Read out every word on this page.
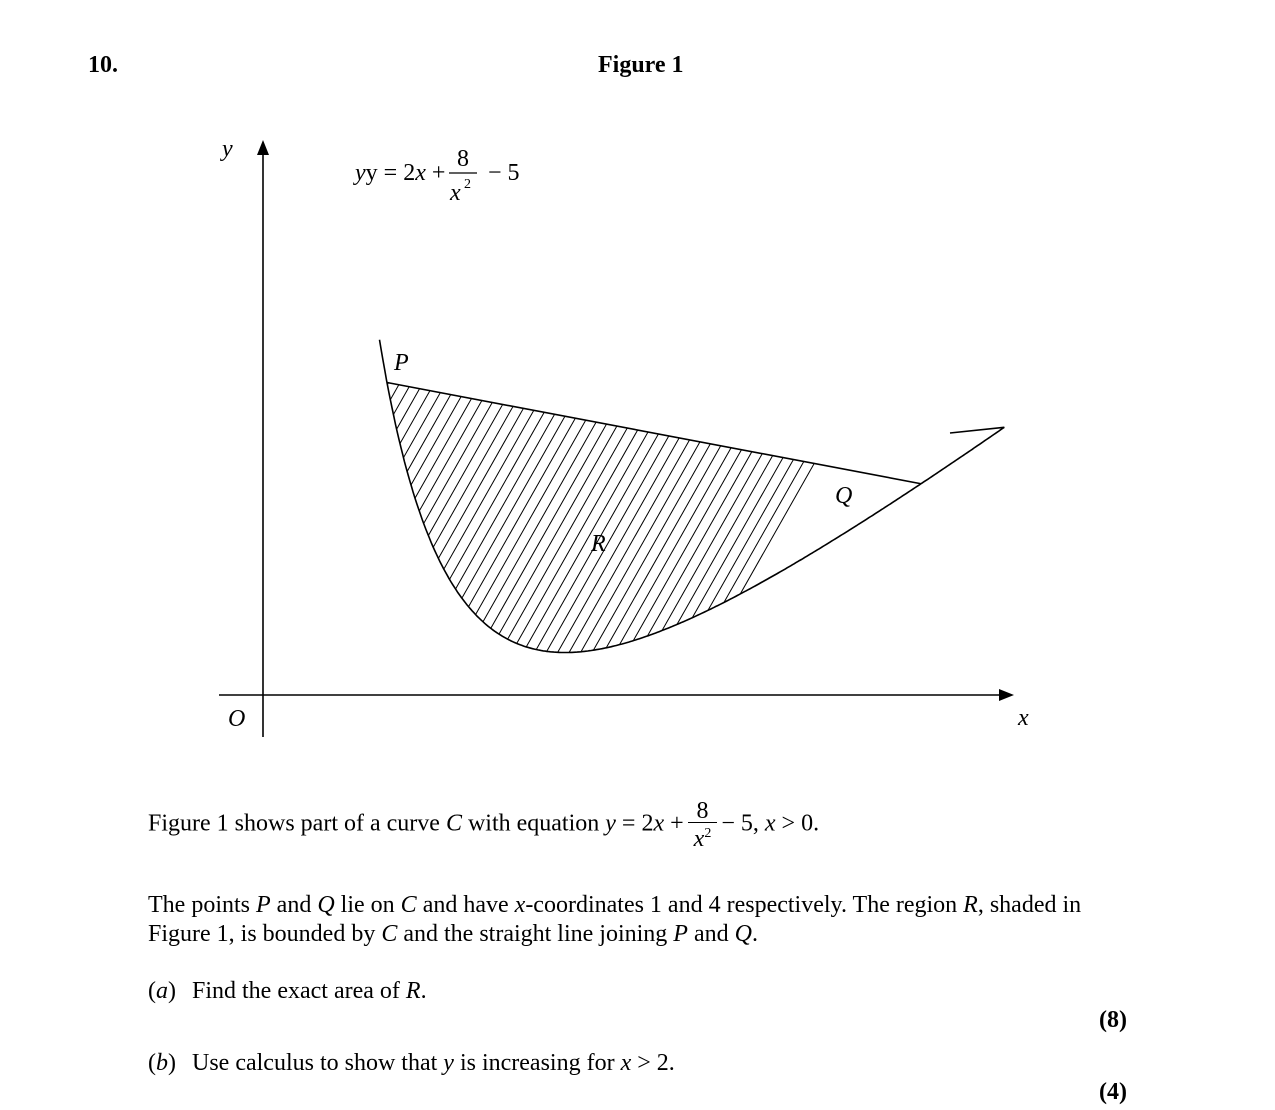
10.	Figure 1
y
x
O
yy = 2x +
8
x 2 − 5
P
Q
R
Figure 1 shows part of a curve C with equation $y = 2x + \frac{8}{x^2} - 5$, x > 0.
The points P and Q lie on C and have x-coordinates 1 and 4 respectively. The region R, shaded in
Figure 1, is bounded by C and the straight line joining P and Q.
(a) Find the exact area of R.
(8)
(b) Use calculus to show that y is increasing for x > 2.
(4)
